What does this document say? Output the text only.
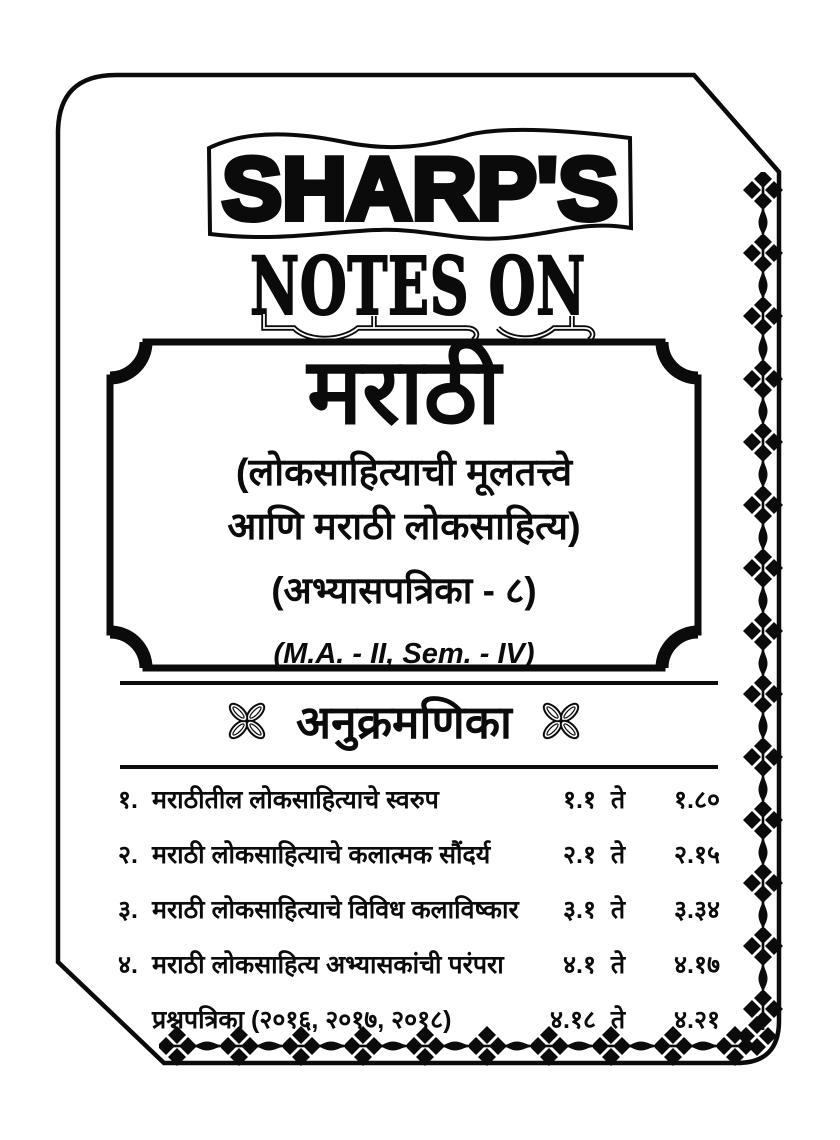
SHARP'S
NOTES ON
मराठी
(लोकसाहित्याची मूलतत्त्वे
आणि मराठी लोकसाहित्य)
(अभ्यासपत्रिका - ८)
(M.A. - II, Sem. - IV)
अनुक्रमणिका
१. मराठीतील लोकसाहित्याचे स्वरुप	१.१ ते	१.८०
२. मराठी लोकसाहित्याचे कलात्मक सौंदर्य	२.१ ते	२.१५
३. मराठी लोकसाहित्याचे विविध कलाविष्कार	३.१ ते	३.३४
४. मराठी लोकसाहित्य अभ्यासकांची परंपरा	४.१ ते	४.१७
प्रश्नपत्रिका (२०१६, २०१७, २०१८)	४.१८ ते	४.२१
